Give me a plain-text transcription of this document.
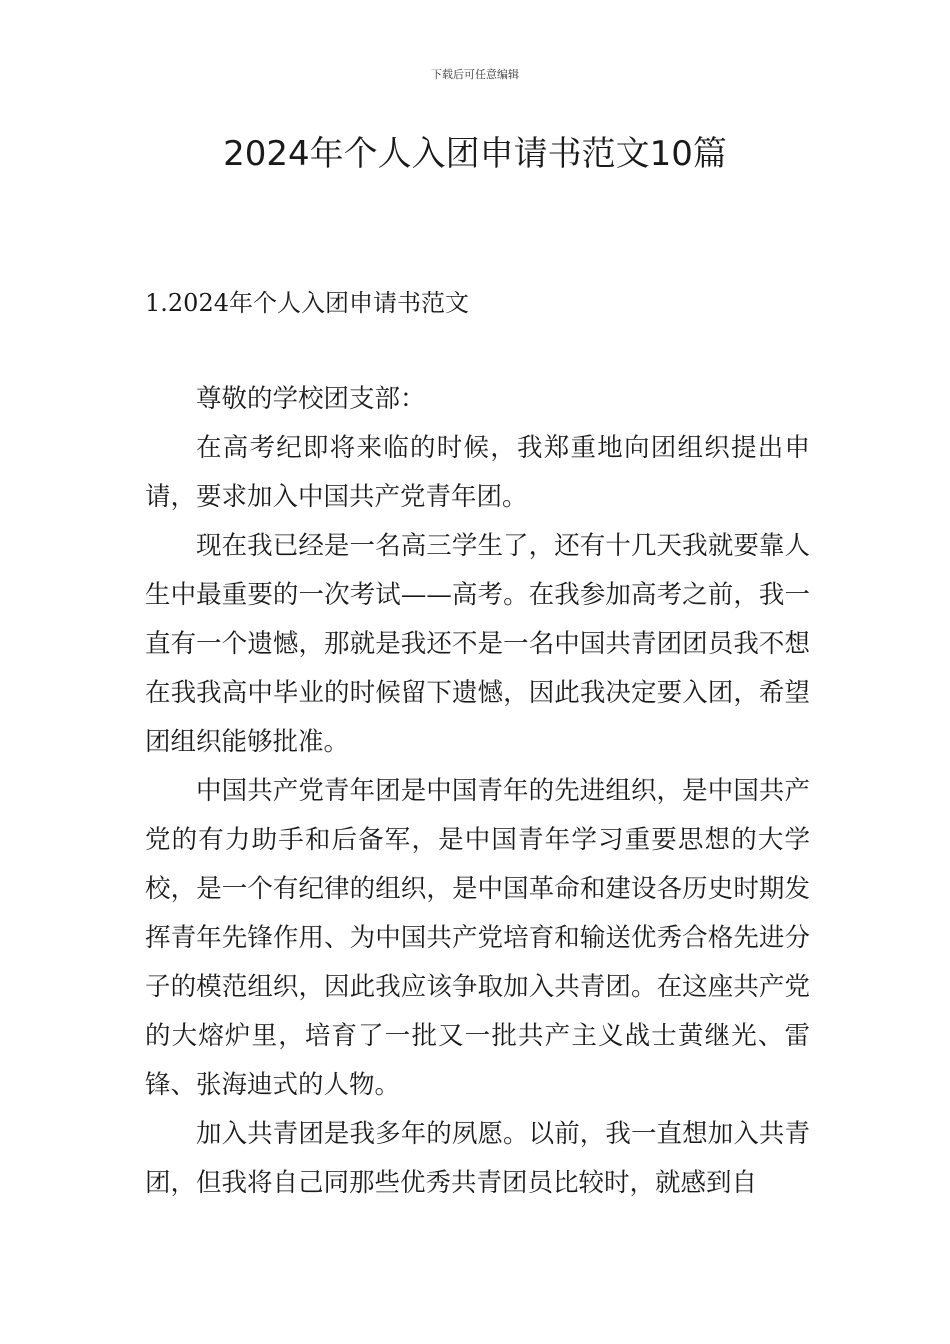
下载后可任意编辑
2024年个人入团申请书范文10篇
1.2024年个人入团申请书范文

尊敬的学校团支部：

在高考纪即将来临的时候，我郑重地向团组织提出申请，要求加入中国共产党青年团。

现在我已经是一名高三学生了，还有十几天我就要靠人生中最重要的一次考试——高考。在我参加高考之前，我一直有一个遗憾，那就是我还不是一名中国共青团团员我不想在我我高中毕业的时候留下遗憾，因此我决定要入团，希望团组织能够批准。

中国共产党青年团是中国青年的先进组织，是中国共产党的有力助手和后备军，是中国青年学习重要思想的大学校，是一个有纪律的组织，是中国革命和建设各历史时期发挥青年先锋作用、为中国共产党培育和输送优秀合格先进分子的模范组织，因此我应该争取加入共青团。在这座共产党的大熔炉里，培育了一批又一批共产主义战士黄继光、雷锋、张海迪式的人物。

加入共青团是我多年的夙愿。以前，我一直想加入共青团，但我将自己同那些优秀共青团员比较时，就感到自
